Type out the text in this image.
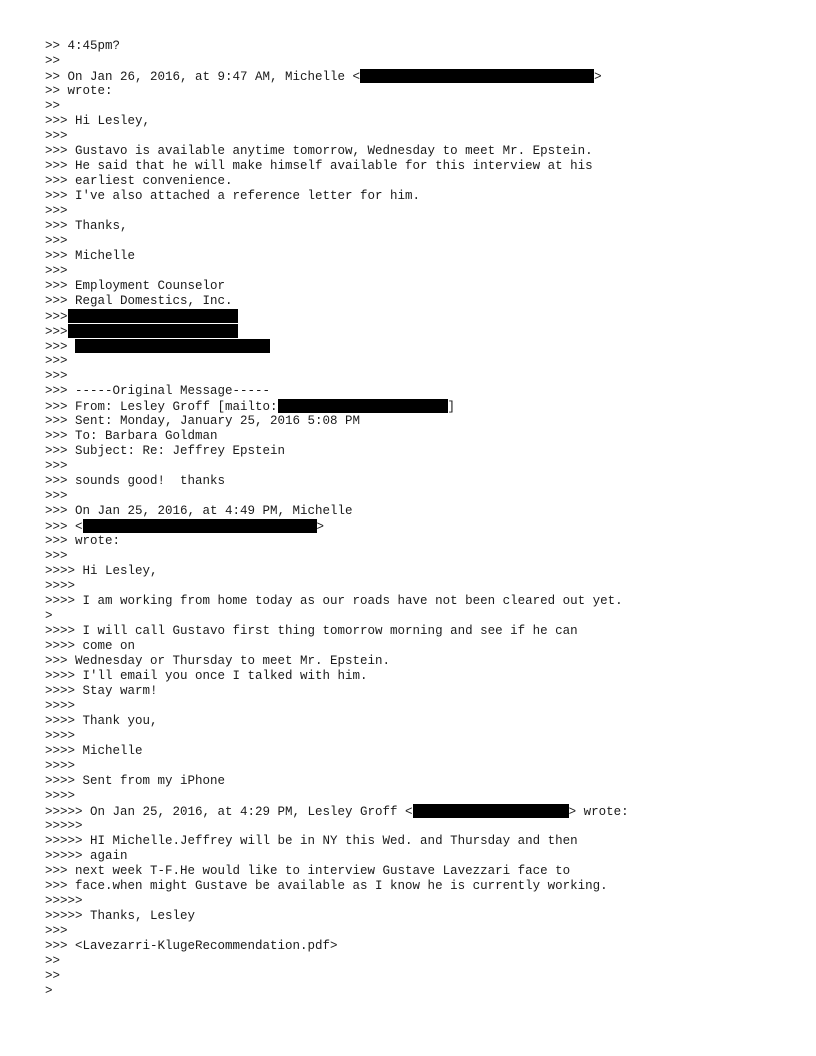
>> 4:45pm?
>>
>> On Jan 26, 2016, at 9:47 AM, Michelle <	>
>> wrote:
>>
>>> Hi Lesley,
>>>
>>> Gustavo is available anytime tomorrow, Wednesday to meet Mr. Epstein.
>>> He said that he will make himself available for this interview at his
>>> earliest convenience.
>>> I've also attached a reference letter for him.
>>>
>>> Thanks,
>>>
>>> Michelle
>>>
>>> Employment Counselor
>>> Regal Domestics, Inc.
>>>
>>>
>>>
>>>
>>>
>>> -----Original Message-----
>>> From: Lesley Groff [mailto:	]
>>> Sent: Monday, January 25, 2016 5:08 PM
>>> To: Barbara Goldman
>>> Subject: Re: Jeffrey Epstein
>>>
>>> sounds good!  thanks
>>>
>>> On Jan 25, 2016, at 4:49 PM, Michelle
>>> <	>
>>> wrote:
>>>
>>>> Hi Lesley,
>>>>
>>>> I am working from home today as our roads have not been cleared out yet.
>
>>>> I will call Gustavo first thing tomorrow morning and see if he can
>>>> come on
>>> Wednesday or Thursday to meet Mr. Epstein.
>>>> I'll email you once I talked with him.
>>>> Stay warm!
>>>>
>>>> Thank you,
>>>>
>>>> Michelle
>>>>
>>>> Sent from my iPhone
>>>>
>>>>> On Jan 25, 2016, at 4:29 PM, Lesley Groff <	> wrote:
>>>>>
>>>>> HI Michelle.Jeffrey will be in NY this Wed. and Thursday and then
>>>>> again
>>> next week T-F.He would like to interview Gustave Lavezzari face to
>>> face.when might Gustave be available as I know he is currently working.
>>>>>
>>>>> Thanks, Lesley
>>>
>>> <Lavezarri-KlugeRecommendation.pdf>
>>
>>
>
